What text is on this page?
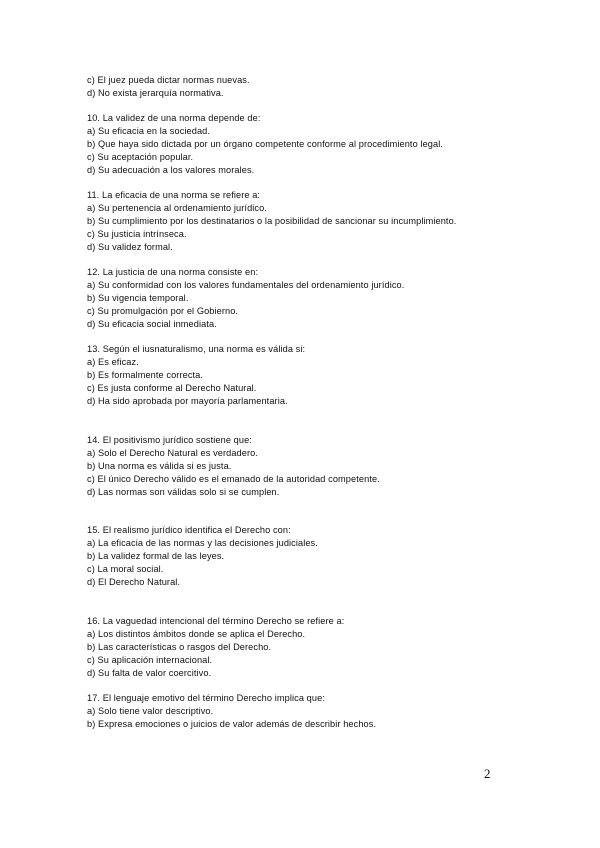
c) El juez pueda dictar normas nuevas.
d) No exista jerarquía normativa.
10. La validez de una norma depende de:
a) Su eficacia en la sociedad.
b) Que haya sido dictada por un órgano competente conforme al procedimiento legal.
c) Su aceptación popular.
d) Su adecuación a los valores morales.
11. La eficacia de una norma se refiere a:
a) Su pertenencia al ordenamiento jurídico.
b) Su cumplimiento por los destinatarios o la posibilidad de sancionar su incumplimiento.
c) Su justicia intrínseca.
d) Su validez formal.
12. La justicia de una norma consiste en:
a) Su conformidad con los valores fundamentales del ordenamiento jurídico.
b) Su vigencia temporal.
c) Su promulgación por el Gobierno.
d) Su eficacia social inmediata.
13. Según el iusnaturalismo, una norma es válida si:
a) Es eficaz.
b) Es formalmente correcta.
c) Es justa conforme al Derecho Natural.
d) Ha sido aprobada por mayoría parlamentaria.
14. El positivismo jurídico sostiene que:
a) Solo el Derecho Natural es verdadero.
b) Una norma es válida si es justa.
c) El único Derecho válido es el emanado de la autoridad competente.
d) Las normas son válidas solo si se cumplen.
15. El realismo jurídico identifica el Derecho con:
a) La eficacia de las normas y las decisiones judiciales.
b) La validez formal de las leyes.
c) La moral social.
d) El Derecho Natural.
16. La vaguedad intencional del término Derecho se refiere a:
a) Los distintos ámbitos donde se aplica el Derecho.
b) Las características o rasgos del Derecho.
c) Su aplicación internacional.
d) Su falta de valor coercitivo.
17. El lenguaje emotivo del término Derecho implica que:
a) Solo tiene valor descriptivo.
b) Expresa emociones o juicios de valor además de describir hechos.
2
